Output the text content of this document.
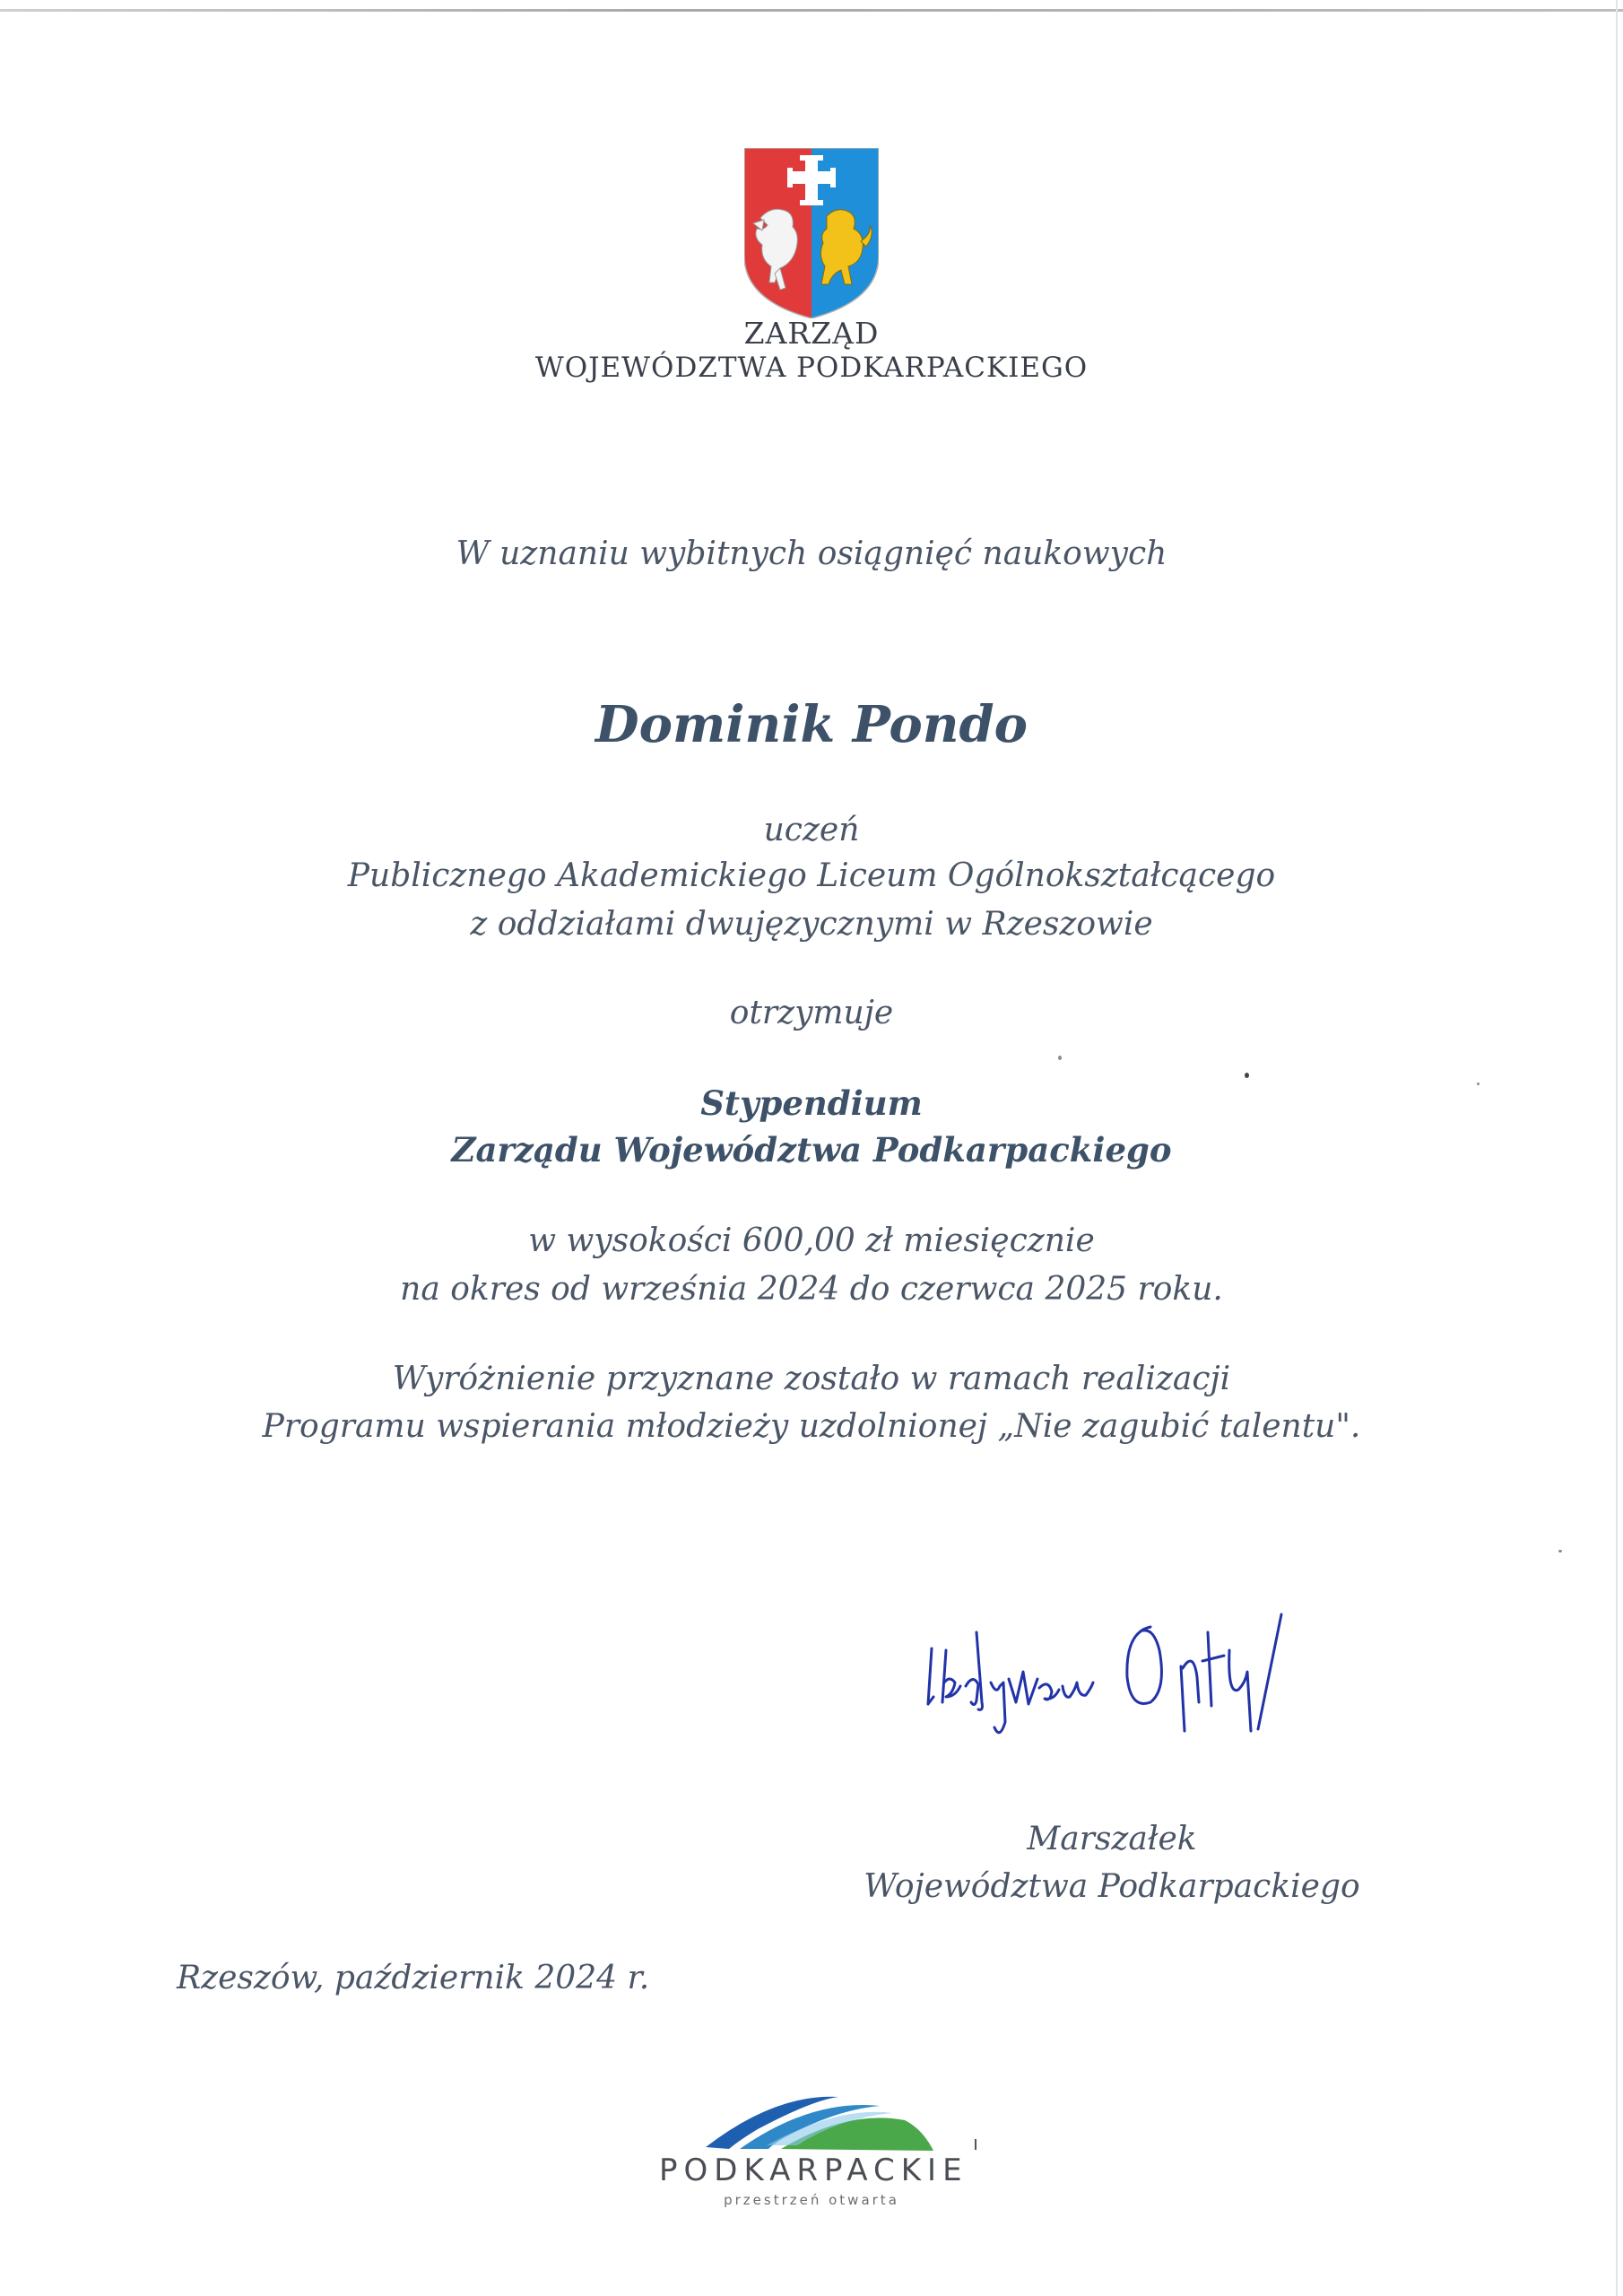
ZARZĄD
WOJEWÓDZTWA PODKARPACKIEGO
W uznaniu wybitnych osiągnięć naukowych
Dominik Pondo
uczeń
Publicznego Akademickiego Liceum Ogólnokształcącego
z oddziałami dwujęzycznymi w Rzeszowie
otrzymuje
Stypendium
Zarządu Województwa Podkarpackiego
w wysokości 600,00 zł miesięcznie
na okres od września 2024 do czerwca 2025 roku.
Wyróżnienie przyznane zostało w ramach realizacji
Programu wspierania młodzieży uzdolnionej „Nie zagubić talentu".
Marszałek
Województwa Podkarpackiego
Rzeszów, październik 2024 r.
PODKARPACKIE
przestrzeń otwarta
